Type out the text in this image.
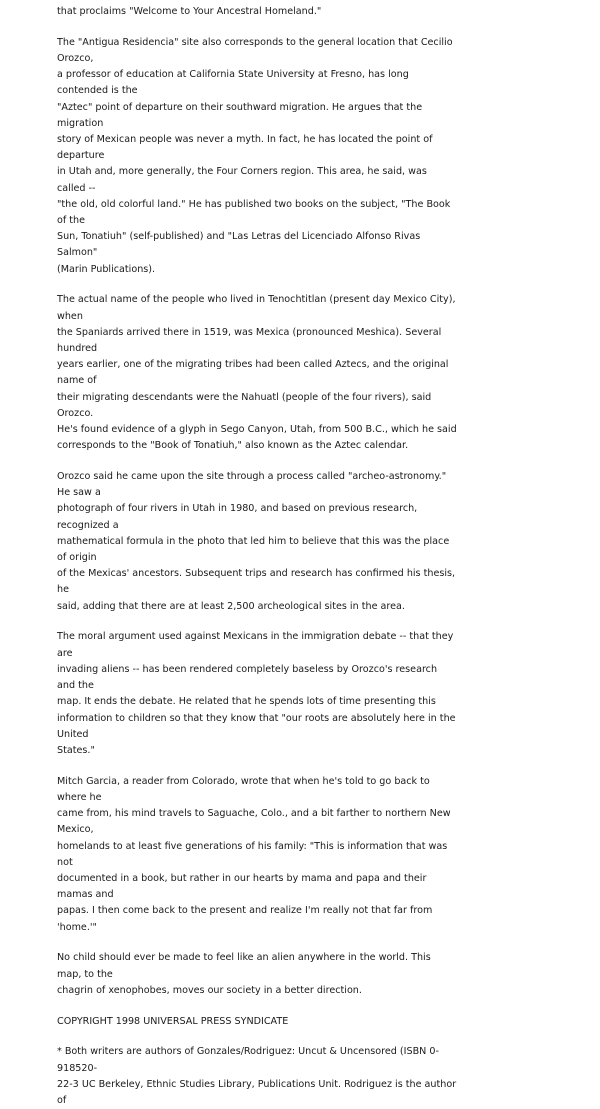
that proclaims "Welcome to Your Ancestral Homeland."
The "Antigua Residencia" site also corresponds to the general location that Cecilio Orozco,
a professor of education at California State University at Fresno, has long contended is the
"Aztec" point of departure on their southward migration. He argues that the migration
story of Mexican people was never a myth. In fact, he has located the point of departure
in Utah and, more generally, the Four Corners region. This area, he said, was called --
"the old, old colorful land." He has published two books on the subject, "The Book of the
Sun, Tonatiuh" (self-published) and "Las Letras del Licenciado Alfonso Rivas Salmon"
(Marin Publications).
The actual name of the people who lived in Tenochtitlan (present day Mexico City), when
the Spaniards arrived there in 1519, was Mexica (pronounced Meshica). Several hundred
years earlier, one of the migrating tribes had been called Aztecs, and the original name of
their migrating descendants were the Nahuatl (people of the four rivers), said Orozco.
He's found evidence of a glyph in Sego Canyon, Utah, from 500 B.C., which he said
corresponds to the "Book of Tonatiuh," also known as the Aztec calendar.
Orozco said he came upon the site through a process called "archeo-astronomy." He saw a
photograph of four rivers in Utah in 1980, and based on previous research, recognized a
mathematical formula in the photo that led him to believe that this was the place of origin
of the Mexicas' ancestors. Subsequent trips and research has confirmed his thesis, he
said, adding that there are at least 2,500 archeological sites in the area.
The moral argument used against Mexicans in the immigration debate -- that they are
invading aliens -- has been rendered completely baseless by Orozco's research and the
map. It ends the debate. He related that he spends lots of time presenting this
information to children so that they know that "our roots are absolutely here in the United
States."
Mitch Garcia, a reader from Colorado, wrote that when he's told to go back to where he
came from, his mind travels to Saguache, Colo., and a bit farther to northern New Mexico,
homelands to at least five generations of his family: "This is information that was not
documented in a book, but rather in our hearts by mama and papa and their mamas and
papas. I then come back to the present and realize I'm really not that far from 'home.'"
No child should ever be made to feel like an alien anywhere in the world. This map, to the
chagrin of xenophobes, moves our society in a better direction.
COPYRIGHT 1998 UNIVERSAL PRESS SYNDICATE
* Both writers are authors of Gonzales/Rodriguez: Uncut & Uncensored (ISBN 0-918520-
22-3 UC Berkeley, Ethnic Studies Library, Publications Unit. Rodriguez is the author of
